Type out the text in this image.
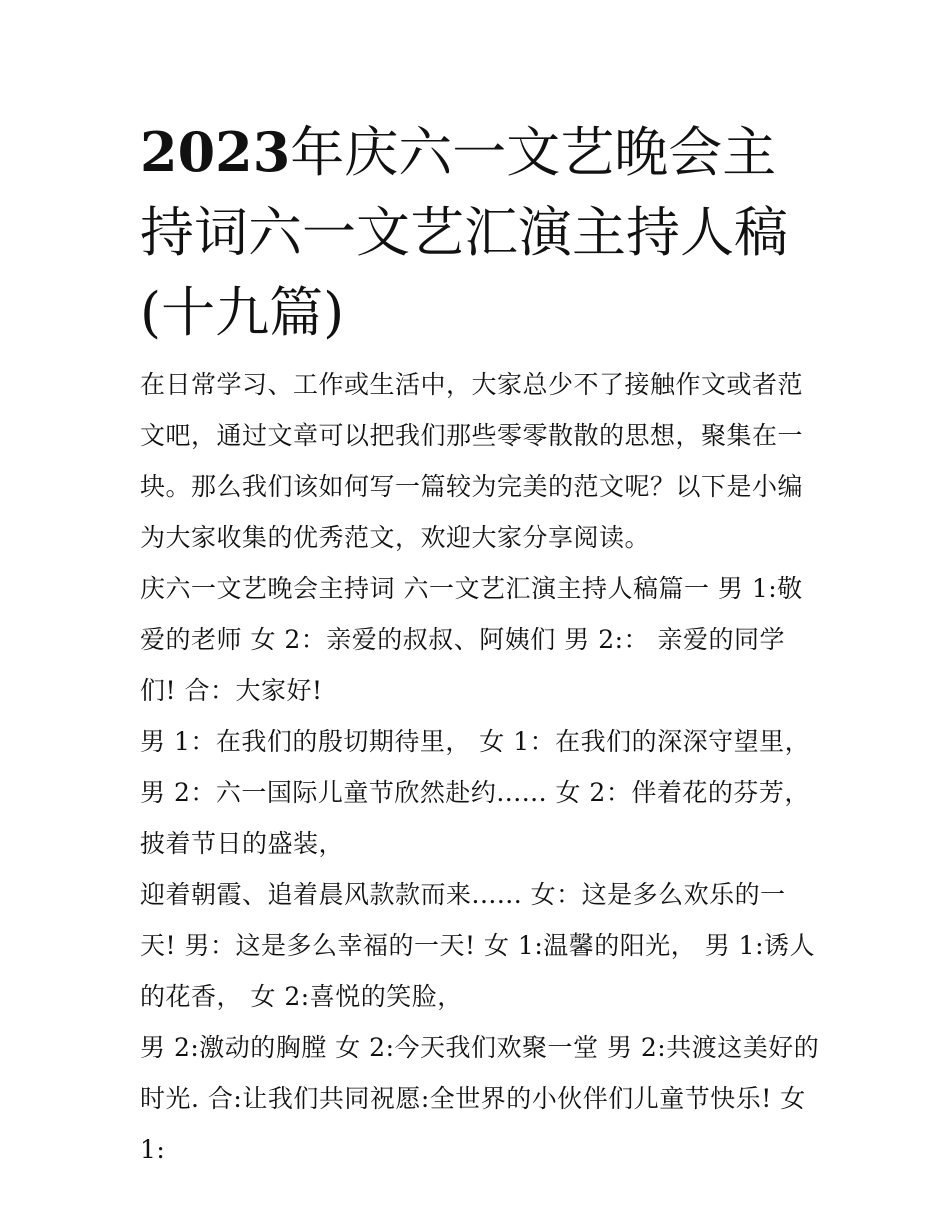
2023年庆六一文艺晚会主持词六一文艺汇演主持人稿(十九篇)

在日常学习、工作或生活中，大家总少不了接触作文或者范文吧，通过文章可以把我们那些零零散散的思想，聚集在一块。那么我们该如何写一篇较为完美的范文呢？以下是小编为大家收集的优秀范文，欢迎大家分享阅读。

庆六一文艺晚会主持词 六一文艺汇演主持人稿篇一 男 1:敬爱的老师 女 2：亲爱的叔叔、阿姨们 男 2:： 亲爱的同学们! 合：大家好!

男 1：在我们的殷切期待里， 女 1：在我们的深深守望里， 男 2：六一国际儿童节欣然赴约...... 女 2：伴着花的芬芳，披着节日的盛装，

迎着朝霞、追着晨风款款而来...... 女：这是多么欢乐的一天! 男：这是多么幸福的一天! 女 1:温馨的阳光， 男 1:诱人的花香， 女 2:喜悦的笑脸，

男 2:激动的胸膛 女 2:今天我们欢聚一堂 男 2:共渡这美好的时光. 合:让我们共同祝愿:全世界的小伙伴们儿童节快乐! 女 1:
